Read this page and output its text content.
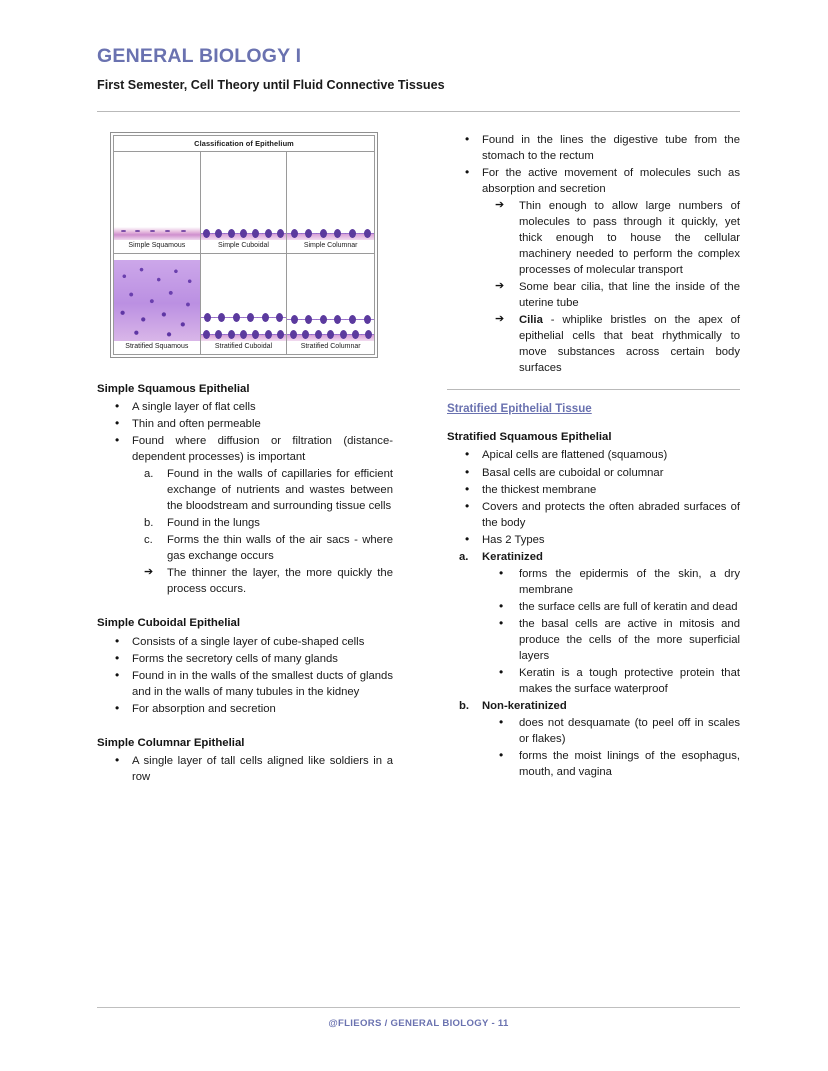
GENERAL BIOLOGY I
First Semester, Cell Theory until Fluid Connective Tissues
Classification of Epithelium
Simple Squamous	Simple Cuboidal	Simple Columnar
Stratified Squamous	Stratified Cuboidal	Stratified Columnar
Simple Squamous Epithelial
• A single layer of flat cells
• Thin and often permeable
• Found where diffusion or filtration (distance-dependent processes) is important
a. Found in the walls of capillaries for efficient exchange of nutrients and wastes between the bloodstream and surrounding tissue cells
b. Found in the lungs
c. Forms the thin walls of the air sacs - where gas exchange occurs
➔ The thinner the layer, the more quickly the process occurs.
Simple Cuboidal Epithelial
• Consists of a single layer of cube-shaped cells
• Forms the secretory cells of many glands
• Found in in the walls of the smallest ducts of glands and in the walls of many tubules in the kidney
• For absorption and secretion
Simple Columnar Epithelial
• A single layer of tall cells aligned like soldiers in a row
• Found in the lines the digestive tube from the stomach to the rectum
• For the active movement of molecules such as absorption and secretion
➔ Thin enough to allow large numbers of molecules to pass through it quickly, yet thick enough to house the cellular machinery needed to perform the complex processes of molecular transport
➔ Some bear cilia, that line the inside of the uterine tube
➔ Cilia - whiplike bristles on the apex of epithelial cells that beat rhythmically to move substances across certain body surfaces
Stratified Epithelial Tissue
Stratified Squamous Epithelial
• Apical cells are flattened (squamous)
• Basal cells are cuboidal or columnar
• the thickest membrane
• Covers and protects the often abraded surfaces of the body
• Has 2 Types
a. Keratinized
• forms the epidermis of the skin, a dry membrane
• the surface cells are full of keratin and dead
• the basal cells are active in mitosis and produce the cells of the more superficial layers
• Keratin is a tough protective protein that makes the surface waterproof
b. Non-keratinized
• does not desquamate (to peel off in scales or flakes)
• forms the moist linings of the esophagus, mouth, and vagina
@FLIEORS / GENERAL BIOLOGY - 11
